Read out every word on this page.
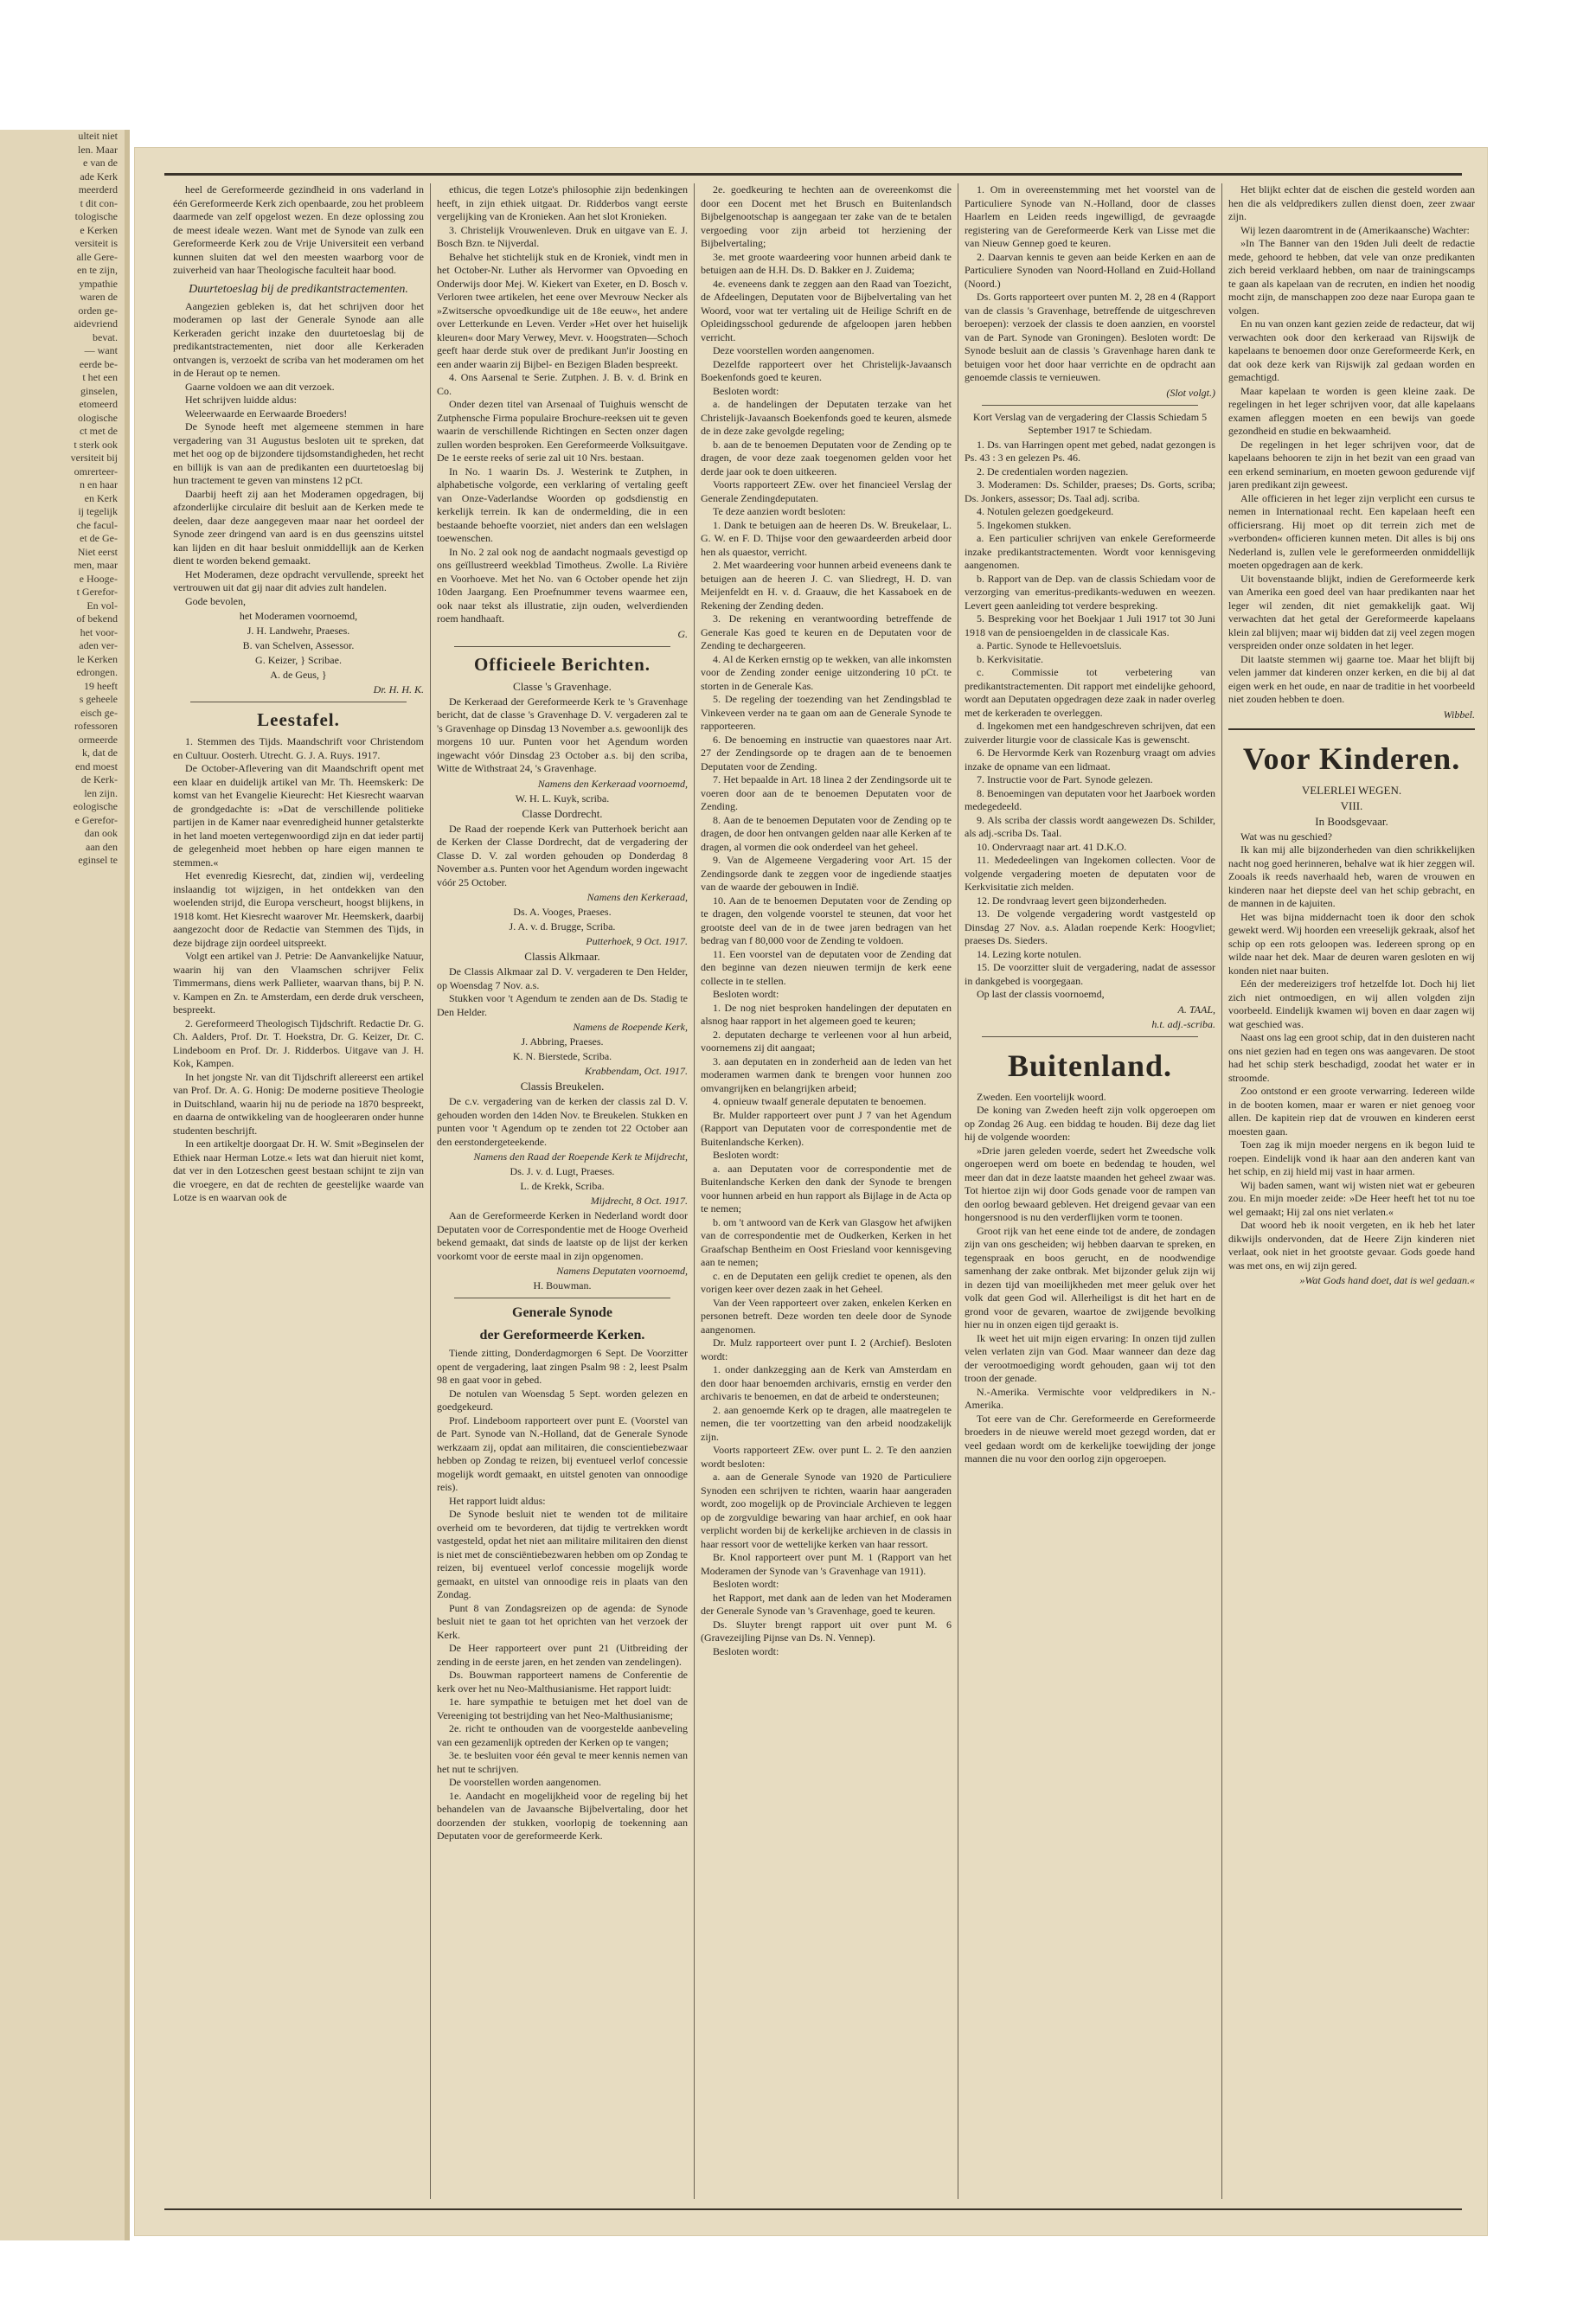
ulteit niet
len. Maar
e van de
ade Kerk
meerderd
t dit con-
tologische
e Kerken
versiteit is
alle Gere-
en te zijn,
ympathie
waren de
orden ge-
aidevriend
bevat.
— want
eerde be-
t het een
ginselen,
etomeerd
ologische
ct met de
t sterk ook
versiteit bij
omrerteer-
n en haar
en Kerk
ij tegelijk
che facul-
et de Ge-
Niet eerst
men, maar
e Hooge-
t Gerefor-
En vol-
of bekend
het voor-
aden ver-
le Kerken
edrongen.
19 heeft
s geheele
eisch ge-
rofessoren
ormeerde
k, dat de
end moest
de Kerk-
len zijn.
eologische
e Gerefor-
dan ook
aan den
eginsel te
heel de Gereformeerde gezindheid in ons vaderland in één Gereformeerde Kerk zich openbaarde, zou het probleem daarmede van zelf opgelost wezen. En deze oplossing zou de meest ideale wezen. Want met de Synode van zulk een Gereformeerde Kerk zou de Vrije Universiteit een verband kunnen sluiten dat wel den meesten waarborg voor de zuiverheid van haar Theologische faculteit haar bood.
Duurtetoeslag bij de predikantstractementen.
Aangezien gebleken is, dat het schrijven door het moderamen op last der Generale Synode aan alle Kerkeraden gericht inzake den duurtetoeslag bij de predikantstractementen, niet door alle Kerkeraden ontvangen is, verzoekt de scriba van het moderamen om het in de Heraut op te nemen.
Gaarne voldoen we aan dit verzoek.
Het schrijven luidde aldus:
Weleerwaarde en Eerwaarde Broeders!
De Synode heeft met algemeene stemmen in hare vergadering van 31 Augustus besloten uit te spreken, dat met het oog op de bijzondere tijdsomstandigheden, het recht en billijk is van aan de predikanten een duurtetoeslag bij hun tractement te geven van minstens 12 pCt.
Daarbij heeft zij aan het Moderamen opgedragen, bij afzonderlijke circulaire dit besluit aan de Kerken mede te deelen, daar deze aangegeven maar naar het oordeel der Synode zeer dringend van aard is en dus geenszins uitstel kan lijden en dit haar besluit onmiddellijk aan de Kerken dient te worden bekend gemaakt.
Het Moderamen, deze opdracht vervullende, spreekt het vertrouwen uit dat gij naar dit advies zult handelen.
Gode bevolen,
het Moderamen voornoemd,
J. H. Landwehr, Praeses.
B. van Schelven, Assessor.
G. Keizer, } Scribae.
A. de Geus, }
Dr. H. H. K.
Leestafel.
1. Stemmen des Tijds. Maandschrift voor Christendom en Cultuur. Oosterh. Utrecht. G. J. A. Ruys. 1917.
De October-Aflevering van dit Maandschrift opent met een klaar en duidelijk artikel van Mr. Th. Heemskerk: De komst van het Evangelie Kieurecht: Het Kiesrecht waarvan de grondgedachte is: »Dat de verschillende politieke partijen in de Kamer naar evenredigheid hunner getalsterkte in het land moeten vertegenwoordigd zijn en dat ieder partij de gelegenheid moet hebben op hare eigen mannen te stemmen.«
Het evenredig Kiesrecht, dat, zindien wij, verdeeling inslaandig tot wijzigen, in het ontdekken van den woelenden strijd, die Europa verscheurt, hoogst blijkens, in 1918 komt. Het Kiesrecht waarover Mr. Heemskerk, daarbij aangezocht door de Redactie van Stemmen des Tijds, in deze bijdrage zijn oordeel uitspreekt.
Volgt een artikel van J. Petrie: De Aanvankelijke Natuur, waarin hij van den Vlaamschen schrijver Felix Timmermans, diens werk Pallieter, waarvan thans, bij P. N. v. Kampen en Zn. te Amsterdam, een derde druk verscheen, bespreekt.
2. Gereformeerd Theologisch Tijdschrift. Redactie Dr. G. Ch. Aalders, Prof. Dr. T. Hoekstra, Dr. G. Keizer, Dr. C. Lindeboom en Prof. Dr. J. Ridderbos. Uitgave van J. H. Kok, Kampen.
In het jongste Nr. van dit Tijdschrift allereerst een artikel van Prof. Dr. A. G. Honig: De moderne positieve Theologie in Duitschland, waarin hij nu de periode na 1870 bespreekt, en daarna de ontwikkeling van de hoogleeraren onder hunne studenten beschrijft.
In een artikeltje doorgaat Dr. H. W. Smit »Beginselen der Ethiek naar Herman Lotze.« Iets wat dan hieruit niet komt, dat ver in den Lotzeschen geest bestaan schijnt te zijn van die vroegere, en dat de rechten de geestelijke waarde van Lotze is en waarvan ook de
ethicus, die tegen Lotze's philosophie zijn bedenkingen heeft, in zijn ethiek uitgaat. Dr. Ridderbos vangt eerste vergelijking van de Kronieken. Aan het slot Kronieken.
3. Christelijk Vrouwenleven. Druk en uitgave van E. J. Bosch Bzn. te Nijverdal.
Behalve het stichtelijk stuk en de Kroniek, vindt men in het October-Nr. Luther als Hervormer van Opvoeding en Onderwijs door Mej. W. Kiekert van Exeter, en D. Bosch v. Verloren twee artikelen, het eene over Mevrouw Necker als »Zwitsersche opvoedkundige uit de 18e eeuw«, het andere over Letterkunde en Leven. Verder »Het over het huiselijk kleuren« door Mary Verwey, Mevr. v. Hoogstraten—Schoch geeft haar derde stuk over de predikant Jun'ir Joosting en een ander waarin zij Bijbel- en Bezigen Bladen bespreekt.
4. Ons Aarsenal te Serie. Zutphen. J. B. v. d. Brink en Co.
Onder dezen titel van Arsenaal of Tuighuis wenscht de Zutphensche Firma populaire Brochure-reeksen uit te geven waarin de verschillende Richtingen en Secten onzer dagen zullen worden besproken. Een Gereformeerde Volksuitgave. De 1e eerste reeks of serie zal uit 10 Nrs. bestaan.
In No. 1 waarin Ds. J. Westerink te Zutphen, in alphabetische volgorde, een verklaring of vertaling geeft van Onze-Vaderlandse Woorden op godsdienstig en kerkelijk terrein. Ik kan de ondermelding, die in een bestaande behoefte voorziet, niet anders dan een welslagen toewenschen.
In No. 2 zal ook nog de aandacht nogmaals gevestigd op ons geïllustreerd weekblad Timotheus. Zwolle. La Rivière en Voorhoeve. Met het No. van 6 October opende het zijn 10den Jaargang. Een Proefnummer tevens waarmee een, ook naar tekst als illustratie, zijn ouden, welverdienden roem handhaaft.
G.
Officieele Berichten.
Classe 's Gravenhage.
De Kerkeraad der Gereformeerde Kerk te 's Gravenhage bericht, dat de classe 's Gravenhage D. V. vergaderen zal te 's Gravenhage op Dinsdag 13 November a.s. gewoonlijk des morgens 10 uur. Punten voor het Agendum worden ingewacht vóór Dinsdag 23 October a.s. bij den scriba, Witte de Withstraat 24, 's Gravenhage.
Namens den Kerkeraad voornoemd,
W. H. L. Kuyk, scriba.
Classe Dordrecht.
De Raad der roepende Kerk van Putterhoek bericht aan de Kerken der Classe Dordrecht, dat de vergadering der Classe D. V. zal worden gehouden op Donderdag 8 November a.s. Punten voor het Agendum worden ingewacht vóór 25 October.
Namens den Kerkeraad,
Ds. A. Vooges, Praeses.
J. A. v. d. Brugge, Scriba.
Putterhoek, 9 Oct. 1917.
Classis Alkmaar.
De Classis Alkmaar zal D. V. vergaderen te Den Helder, op Woensdag 7 Nov. a.s.
Stukken voor 't Agendum te zenden aan de Ds. Stadig te Den Helder.
Namens de Roepende Kerk,
J. Abbring, Praeses.
K. N. Bierstede, Scriba.
Krabbendam, Oct. 1917.
Classis Breukelen.
De c.v. vergadering van de kerken der classis zal D. V. gehouden worden den 14den Nov. te Breukelen. Stukken en punten voor 't Agendum op te zenden tot 22 October aan den eerstondergeteekende.
Namens den Raad der Roepende Kerk te Mijdrecht,
Ds. J. v. d. Lugt, Praeses.
L. de Krekk, Scriba.
Mijdrecht, 8 Oct. 1917.
Aan de Gereformeerde Kerken in Nederland wordt door Deputaten voor de Correspondentie met de Hooge Overheid bekend gemaakt, dat sinds de laatste op de lijst der kerken voorkomt voor de eerste maal in zijn opgenomen.
Namens Deputaten voornoemd,
H. Bouwman.
Generale Synode
der Gereformeerde Kerken.
Tiende zitting, Donderdagmorgen 6 Sept. De Voorzitter opent de vergadering, laat zingen Psalm 98 : 2, leest Psalm 98 en gaat voor in gebed.
De notulen van Woensdag 5 Sept. worden gelezen en goedgekeurd.
Prof. Lindeboom rapporteert over punt E. (Voorstel van de Part. Synode van N.-Holland, dat de Generale Synode werkzaam zij, opdat aan militairen, die conscientiebezwaar hebben op Zondag te reizen, bij eventueel verlof concessie mogelijk wordt gemaakt, en uitstel genoten van onnoodige reis).
Het rapport luidt aldus:
De Synode besluit niet te wenden tot de militaire overheid om te bevorderen, dat tijdig te vertrekken wordt vastgesteld, opdat het niet aan militaire militairen den dienst is niet met de consciëntiebezwaren hebben om op Zondag te reizen, bij eventueel verlof concessie mogelijk worde gemaakt, en uitstel van onnoodige reis in plaats van den Zondag.
Punt 8 van Zondagsreizen op de agenda: de Synode besluit niet te gaan tot het oprichten van het verzoek der Kerk.
De Heer rapporteert over punt 21 (Uitbreiding der zending in de eerste jaren, en het zenden van zendelingen).
Ds. Bouwman rapporteert namens de Conferentie de kerk over het nu Neo-Malthusianisme. Het rapport luidt:
1e. hare sympathie te betuigen met het doel van de Vereeniging tot bestrijding van het Neo-Malthusianisme;
2e. richt te onthouden van de voorgestelde aanbeveling van een gezamenlijk optreden der Kerken op te vangen;
3e. te besluiten voor één geval te meer kennis nemen van het nut te schrijven.
De voorstellen worden aangenomen.
1e. Aandacht en mogelijkheid voor de regeling bij het behandelen van de Javaansche Bijbelvertaling, door het doorzenden der stukken, voorlopig de toekenning aan Deputaten voor de gereformeerde Kerk.
2e. goedkeuring te hechten aan de overeenkomst die door een Docent met het Brusch en Buitenlandsch Bijbelgenootschap is aangegaan ter zake van de te betalen vergoeding voor zijn arbeid tot herziening der Bijbelvertaling;
3e. met groote waardeering voor hunnen arbeid dank te betuigen aan de H.H. Ds. D. Bakker en J. Zuidema;
4e. eveneens dank te zeggen aan den Raad van Toezicht, de Afdeelingen, Deputaten voor de Bijbelvertaling van het Woord, voor wat ter vertaling uit de Heilige Schrift en de Opleidingsschool gedurende de afgeloopen jaren hebben verricht.
Deze voorstellen worden aangenomen.
Dezelfde rapporteert over het Christelijk-Javaansch Boekenfonds goed te keuren.
Besloten wordt:
a. de handelingen der Deputaten terzake van het Christelijk-Javaansch Boekenfonds goed te keuren, alsmede de in deze zake gevolgde regeling;
b. aan de te benoemen Deputaten voor de Zending op te dragen, de voor deze zaak toegenomen gelden voor het derde jaar ook te doen uitkeeren.
Voorts rapporteert ZEw. over het financieel Verslag der Generale Zendingdeputaten.
Te deze aanzien wordt besloten:
1. Dank te betuigen aan de heeren Ds. W. Breukelaar, L. G. W. en F. D. Thijse voor den gewaardeerden arbeid door hen als quaestor, verricht.
2. Met waardeering voor hunnen arbeid eveneens dank te betuigen aan de heeren J. C. van Sliedregt, H. D. van Meijenfeldt en H. v. d. Graauw, die het Kassaboek en de Rekening der Zending deden.
3. De rekening en verantwoording betreffende de Generale Kas goed te keuren en de Deputaten voor de Zending te dechargeeren.
4. Al de Kerken ernstig op te wekken, van alle inkomsten voor de Zending zonder eenige uitzondering 10 pCt. te storten in de Generale Kas.
5. De regeling der toezending van het Zendingsblad te Vinkeveen verder na te gaan om aan de Generale Synode te rapporteeren.
6. De benoeming en instructie van quaestores naar Art. 27 der Zendingsorde op te dragen aan de te benoemen Deputaten voor de Zending.
7. Het bepaalde in Art. 18 linea 2 der Zendingsorde uit te voeren door aan de te benoemen Deputaten voor de Zending.
8. Aan de te benoemen Deputaten voor de Zending op te dragen, de door hen ontvangen gelden naar alle Kerken af te dragen, al vormen die ook onderdeel van het geheel.
9. Van de Algemeene Vergadering voor Art. 15 der Zendingsorde dank te zeggen voor de ingediende staatjes van de waarde der gebouwen in Indië.
10. Aan de te benoemen Deputaten voor de Zending op te dragen, den volgende voorstel te steunen, dat voor het grootste deel van de in de twee jaren bedragen van het bedrag van f 80,000 voor de Zending te voldoen.
11. Een voorstel van de deputaten voor de Zending dat den beginne van dezen nieuwen termijn de kerk eene collecte in te stellen.
Besloten wordt:
1. De nog niet besproken handelingen der deputaten en alsnog haar rapport in het algemeen goed te keuren;
2. deputaten decharge te verleenen voor al hun arbeid, voornemens zij dit aangaat;
3. aan deputaten en in zonderheid aan de leden van het moderamen warmen dank te brengen voor hunnen zoo omvangrijken en belangrijken arbeid;
4. opnieuw twaalf generale deputaten te benoemen.
Br. Mulder rapporteert over punt J 7 van het Agendum (Rapport van Deputaten voor de correspondentie met de Buitenlandsche Kerken).
Besloten wordt:
a. aan Deputaten voor de correspondentie met de Buitenlandsche Kerken den dank der Synode te brengen voor hunnen arbeid en hun rapport als Bijlage in de Acta op te nemen;
b. om 't antwoord van de Kerk van Glasgow het afwijken van de correspondentie met de Oudkerken, Kerken in het Graafschap Bentheim en Oost Friesland voor kennisgeving aan te nemen;
c. en de Deputaten een gelijk crediet te openen, als den vorigen keer over dezen zaak in het Geheel.
Van der Veen rapporteert over zaken, enkelen Kerken en personen betreft. Deze worden ten deele door de Synode aangenomen.
Dr. Mulz rapporteert over punt I. 2 (Archief). Besloten wordt:
1. onder dankzegging aan de Kerk van Amsterdam en den door haar benoemden archivaris, ernstig en verder den archivaris te benoemen, en dat de arbeid te ondersteunen;
2. aan genoemde Kerk op te dragen, alle maatregelen te nemen, die ter voortzetting van den arbeid noodzakelijk zijn.
Voorts rapporteert ZEw. over punt L. 2. Te den aanzien wordt besloten:
a. aan de Generale Synode van 1920 de Particuliere Synoden een schrijven te richten, waarin haar aangeraden wordt, zoo mogelijk op de Provinciale Archieven te leggen op de zorgvuldige bewaring van haar archief, en ook haar verplicht worden bij de kerkelijke archieven in de classis in haar ressort voor de wettelijke kerken van haar ressort.
Br. Knol rapporteert over punt M. 1 (Rapport van het Moderamen der Synode van 's Gravenhage van 1911).
Besloten wordt:
het Rapport, met dank aan de leden van het Moderamen der Generale Synode van 's Gravenhage, goed te keuren.
Ds. Sluyter brengt rapport uit over punt M. 6 (Gravezeijling Pijnse van Ds. N. Vennep).
Besloten wordt:
1. Om in overeenstemming met het voorstel van de Particuliere Synode van N.-Holland, door de classes Haarlem en Leiden reeds ingewilligd, de gevraagde registering van de Gereformeerde Kerk van Lisse met die van Nieuw Gennep goed te keuren.
2. Daarvan kennis te geven aan beide Kerken en aan de Particuliere Synoden van Noord-Holland en Zuid-Holland (Noord.)
Ds. Gorts rapporteert over punten M. 2, 28 en 4 (Rapport van de classis 's Gravenhage, betreffende de uitgeschreven beroepen): verzoek der classis te doen aanzien, en voorstel van de Part. Synode van Groningen). Besloten wordt: De Synode besluit aan de classis 's Gravenhage haren dank te betuigen voor het door haar verrichte en de opdracht aan genoemde classis te vernieuwen.
(Slot volgt.)
Kort Verslag van de vergadering der Classis Schiedam 5 September 1917 te Schiedam.
1. Ds. van Harringen opent met gebed, nadat gezongen is Ps. 43 : 3 en gelezen Ps. 46.
2. De credentialen worden nagezien.
3. Moderamen: Ds. Schilder, praeses; Ds. Gorts, scriba; Ds. Jonkers, assessor; Ds. Taal adj. scriba.
4. Notulen gelezen goedgekeurd.
5. Ingekomen stukken.
a. Een particulier schrijven van enkele Gereformeerde inzake predikantstractementen. Wordt voor kennisgeving aangenomen.
b. Rapport van de Dep. van de classis Schiedam voor de verzorging van emeritus-predikants-weduwen en weezen. Levert geen aanleiding tot verdere bespreking.
5. Bespreking voor het Boekjaar 1 Juli 1917 tot 30 Juni 1918 van de pensioengelden in de classicale Kas.
a. Partic. Synode te Hellevoetsluis.
b. Kerkvisitatie.
c. Commissie tot verbetering van predikantstractementen. Dit rapport met eindelijke gehoord, wordt aan Deputaten opgedragen deze zaak in nader overleg met de kerkeraden te overleggen.
d. Ingekomen met een handgeschreven schrijven, dat een zuiverder liturgie voor de classicale Kas is gewenscht.
6. De Hervormde Kerk van Rozenburg vraagt om advies inzake de opname van een lidmaat.
7. Instructie voor de Part. Synode gelezen.
8. Benoemingen van deputaten voor het Jaarboek worden medegedeeld.
9. Als scriba der classis wordt aangewezen Ds. Schilder, als adj.-scriba Ds. Taal.
10. Ondervraagt naar art. 41 D.K.O.
11. Mededeelingen van Ingekomen collecten. Voor de volgende vergadering moeten de deputaten voor de Kerkvisitatie zich melden.
12. De rondvraag levert geen bijzonderheden.
13. De volgende vergadering wordt vastgesteld op Dinsdag 27 Nov. a.s. Aladan roepende Kerk: Hoogvliet; praeses Ds. Sieders.
14. Lezing korte notulen.
15. De voorzitter sluit de vergadering, nadat de assessor in dankgebed is voorgegaan.
Op last der classis voornoemd,
A. TAAL,
h.t. adj.-scriba.
Buitenland.
Zweden. Een voortelijk woord.
De koning van Zweden heeft zijn volk opgeroepen om op Zondag 26 Aug. een biddag te houden. Bij deze dag liet hij de volgende woorden:
»Drie jaren geleden voerde, sedert het Zweedsche volk ongeroepen werd om boete en bedendag te houden, wel meer dan dat in deze laatste maanden het geheel zwaar was. Tot hiertoe zijn wij door Gods genade voor de rampen van den oorlog bewaard gebleven. Het dreigend gevaar van een hongersnood is nu den verderflijken vorm te toonen.
Groot rijk van het eene einde tot de andere, de zondagen zijn van ons gescheiden; wij hebben daarvan te spreken, en tegenspraak en boos gerucht, en de noodwendige samenhang der zake ontbrak. Met bijzonder geluk zijn wij in dezen tijd van moeilijkheden met meer geluk over het volk dat geen God wil. Allerheiligst is dit het hart en de grond voor de gevaren, waartoe de zwijgende bevolking hier nu in onzen eigen tijd geraakt is.
Ik weet het uit mijn eigen ervaring: In onzen tijd zullen velen verlaten zijn van God. Maar wanneer dan deze dag der verootmoediging wordt gehouden, gaan wij tot den troon der genade.
N.-Amerika. Vermischte voor veldpredikers in N.-Amerika.
Tot eere van de Chr. Gereformeerde en Gereformeerde broeders in de nieuwe wereld moet gezegd worden, dat er veel gedaan wordt om de kerkelijke toewijding der jonge mannen die nu voor den oorlog zijn opgeroepen.
Het blijkt echter dat de eischen die gesteld worden aan hen die als veldpredikers zullen dienst doen, zeer zwaar zijn.
Wij lezen daaromtrent in de (Amerikaansche) Wachter:
»In The Banner van den 19den Juli deelt de redactie mede, gehoord te hebben, dat vele van onze predikanten zich bereid verklaard hebben, om naar de trainingscamps te gaan als kapelaan van de recruten, en indien het noodig mocht zijn, de manschappen zoo deze naar Europa gaan te volgen.
En nu van onzen kant gezien zeide de redacteur, dat wij verwachten ook door den kerkeraad van Rijswijk de kapelaans te benoemen door onze Gereformeerde Kerk, en dat ook deze kerk van Rijswijk zal gedaan worden en gemachtigd.
Maar kapelaan te worden is geen kleine zaak. De regelingen in het leger schrijven voor, dat alle kapelaans examen afleggen moeten en een bewijs van goede gezondheid en studie en bekwaamheid.
De regelingen in het leger schrijven voor, dat de kapelaans behooren te zijn in het bezit van een graad van een erkend seminarium, en moeten gewoon gedurende vijf jaren predikant zijn geweest.
Alle officieren in het leger zijn verplicht een cursus te nemen in Internationaal recht. Een kapelaan heeft een officiersrang. Hij moet op dit terrein zich met de »verbonden« officieren kunnen meten. Dit alles is bij ons Nederland is, zullen vele le gereformeerden onmiddellijk moeten opgedragen aan de kerk.
Uit bovenstaande blijkt, indien de Gereformeerde kerk van Amerika een goed deel van haar predikanten naar het leger wil zenden, dit niet gemakkelijk gaat. Wij verwachten dat het getal der Gereformeerde kapelaans klein zal blijven; maar wij bidden dat zij veel zegen mogen verspreiden onder onze soldaten in het leger.
Dit laatste stemmen wij gaarne toe. Maar het blijft bij velen jammer dat kinderen onzer kerken, en die bij al dat eigen werk en het oude, en naar de traditie in het voorbeeld niet zouden hebben te doen.
Wibbel.
Voor Kinderen.
VELERLEI WEGEN.
VIII.
In Boodsgevaar.
Wat was nu geschied?
Ik kan mij alle bijzonderheden van dien schrikkelijken nacht nog goed herinneren, behalve wat ik hier zeggen wil. Zooals ik reeds naverhaald heb, waren de vrouwen en kinderen naar het diepste deel van het schip gebracht, en de mannen in de kajuiten.
Het was bijna middernacht toen ik door den schok gewekt werd. Wij hoorden een vreeselijk gekraak, alsof het schip op een rots geloopen was. Iedereen sprong op en wilde naar het dek. Maar de deuren waren gesloten en wij konden niet naar buiten.
Eén der medereizigers trof hetzelfde lot. Doch hij liet zich niet ontmoedigen, en wij allen volgden zijn voorbeeld. Eindelijk kwamen wij boven en daar zagen wij wat geschied was.
Naast ons lag een groot schip, dat in den duisteren nacht ons niet gezien had en tegen ons was aangevaren. De stoot had het schip sterk beschadigd, zoodat het water er in stroomde.
Zoo ontstond er een groote verwarring. Iedereen wilde in de booten komen, maar er waren er niet genoeg voor allen. De kapitein riep dat de vrouwen en kinderen eerst moesten gaan.
Toen zag ik mijn moeder nergens en ik begon luid te roepen. Eindelijk vond ik haar aan den anderen kant van het schip, en zij hield mij vast in haar armen.
Wij baden samen, want wij wisten niet wat er gebeuren zou. En mijn moeder zeide: »De Heer heeft het tot nu toe wel gemaakt; Hij zal ons niet verlaten.«
Dat woord heb ik nooit vergeten, en ik heb het later dikwijls ondervonden, dat de Heere Zijn kinderen niet verlaat, ook niet in het grootste gevaar. Gods goede hand was met ons, en wij zijn gered.
»Wat Gods hand doet, dat is wel gedaan.«
